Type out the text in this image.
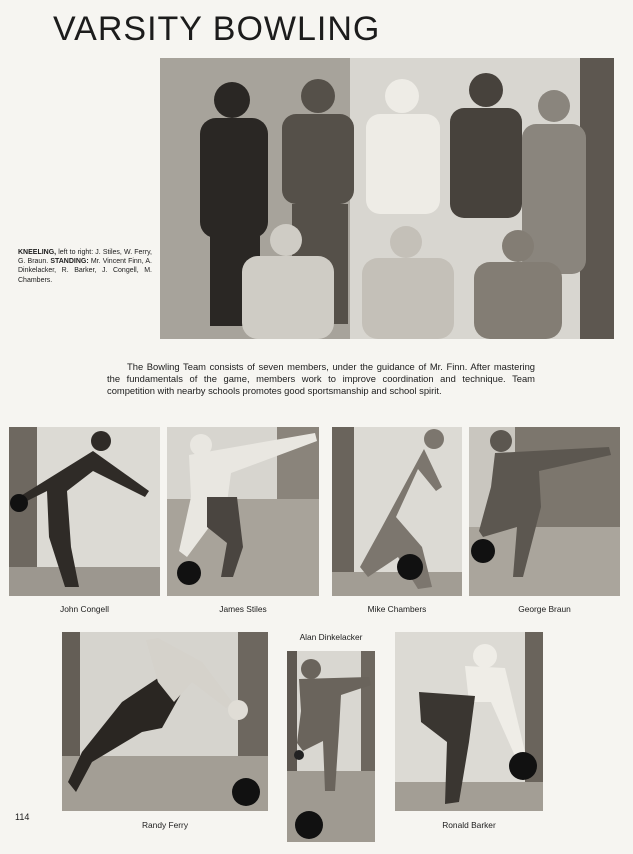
VARSITY BOWLING

KNEELING, left to right: J. Stiles, W. Ferry, G. Braun. STANDING: Mr. Vincent Finn, A. Dinkelacker, R. Barker, J. Congell, M. Chambers.

The Bowling Team consists of seven members, under the guidance of Mr. Finn. After mastering the fundamentals of the game, members work to improve coordination and technique. Team competition with nearby schools promotes good sportsmanship and school spirit.

John Congell	James Stiles	Mike Chambers	George Braun
Alan Dinkelacker
Randy Ferry	Ronald Barker
114
